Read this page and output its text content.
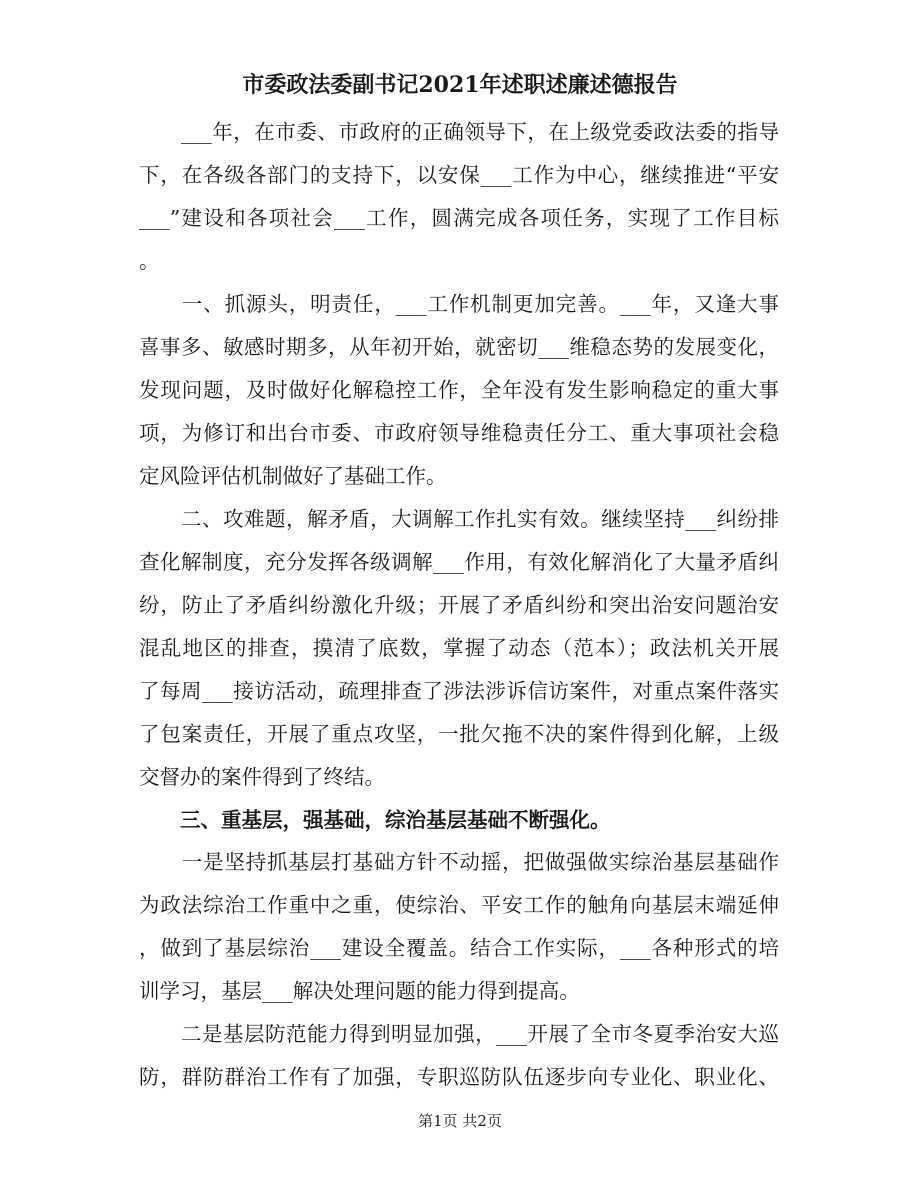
市委政法委副书记2021年述职述廉述德报告
　　___年，在市委、市政府的正确领导下，在上级党委政法委的指导
下，在各级各部门的支持下，以安保___工作为中心，继续推进“平安
___”建设和各项社会___工作，圆满完成各项任务，实现了工作目标
。
　　一、抓源头，明责任，___工作机制更加完善。___年，又逢大事
喜事多、敏感时期多，从年初开始，就密切___维稳态势的发展变化，
发现问题，及时做好化解稳控工作，全年没有发生影响稳定的重大事
项，为修订和出台市委、市政府领导维稳责任分工、重大事项社会稳
定风险评估机制做好了基础工作。
　　二、攻难题，解矛盾，大调解工作扎实有效。继续坚持___纠纷排
查化解制度，充分发挥各级调解___作用，有效化解消化了大量矛盾纠
纷，防止了矛盾纠纷激化升级；开展了矛盾纠纷和突出治安问题治安
混乱地区的排查，摸清了底数，掌握了动态（范本）；政法机关开展
了每周___接访活动，疏理排查了涉法涉诉信访案件，对重点案件落实
了包案责任，开展了重点攻坚，一批欠拖不决的案件得到化解，上级
交督办的案件得到了终结。
　　三、重基层，强基础，综治基层基础不断强化。
　　一是坚持抓基层打基础方针不动摇，把做强做实综治基层基础作
为政法综治工作重中之重，使综治、平安工作的触角向基层末端延伸
，做到了基层综治___建设全覆盖。结合工作实际，___各种形式的培
训学习，基层___解决处理问题的能力得到提高。
　　二是基层防范能力得到明显加强，___开展了全市冬夏季治安大巡
第1页 共2页
防，群防群治工作有了加强，专职巡防队伍逐步向专业化、职业化、
